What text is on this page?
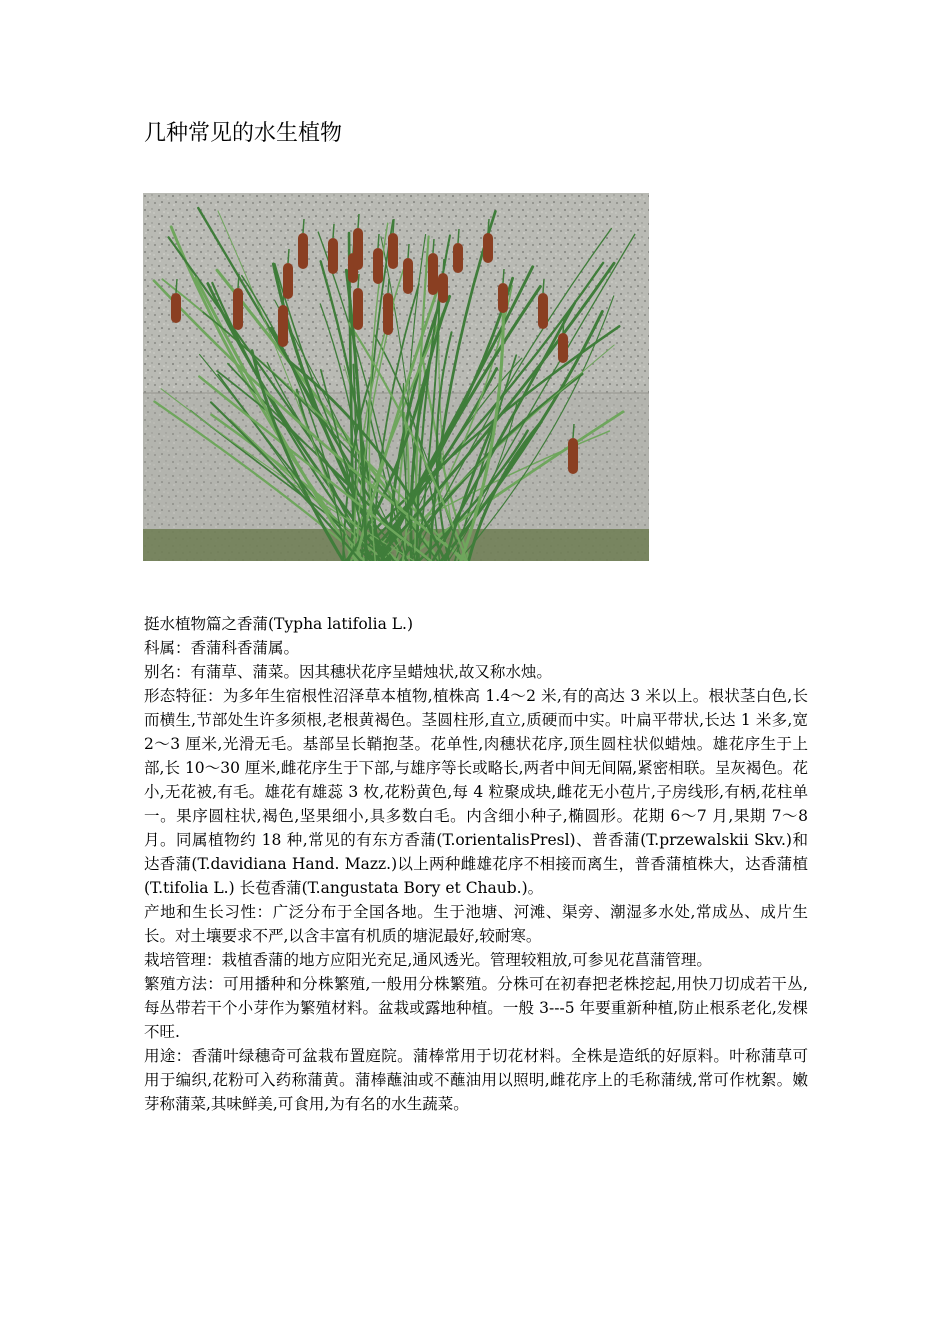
几种常见的水生植物

挺水植物篇之香蒲(Typha latifolia L.)

科属：香蒲科香蒲属。

别名：有蒲草、蒲菜。因其穗状花序呈蜡烛状,故又称水烛。

形态特征：为多年生宿根性沼泽草本植物,植株高 1.4～2 米,有的高达 3 米以上。根状茎白色,长而横生,节部处生许多须根,老根黄褐色。茎圆柱形,直立,质硬而中实。叶扁平带状,长达 1 米多,宽 2～3 厘米,光滑无毛。基部呈长鞘抱茎。花单性,肉穗状花序,顶生圆柱状似蜡烛。雄花序生于上部,长 10～30 厘米,雌花序生于下部,与雄序等长或略长,两者中间无间隔,紧密相联。呈灰褐色。花小,无花被,有毛。雄花有雄蕊 3 枚,花粉黄色,每 4 粒聚成块,雌花无小苞片,子房线形,有柄,花柱单一。果序圆柱状,褐色,坚果细小,具多数白毛。内含细小种子,椭圆形。花期 6～7 月,果期 7～8 月。同属植物约 18 种,常见的有东方香蒲(T.orientalisPresl)、普香蒲(T.przewalskii Skv.)和达香蒲(T.davidiana Hand. Mazz.)以上两种雌雄花序不相接而离生，普香蒲植株大，达香蒲植 (T.tifolia L.) 长苞香蒲(T.angustata Bory et Chaub.)。

产地和生长习性：广泛分布于全国各地。生于池塘、河滩、渠旁、潮湿多水处,常成丛、成片生长。对土壤要求不严,以含丰富有机质的塘泥最好,较耐寒。

栽培管理：栽植香蒲的地方应阳光充足,通风透光。管理较粗放,可参见花菖蒲管理。

繁殖方法：可用播种和分株繁殖,一般用分株繁殖。分株可在初春把老株挖起,用快刀切成若干丛,每丛带若干个小芽作为繁殖材料。盆栽或露地种植。一般 3---5 年要重新种植,防止根系老化,发棵不旺.

用途：香蒲叶绿穗奇可盆栽布置庭院。蒲棒常用于切花材料。全株是造纸的好原料。叶称蒲草可用于编织,花粉可入药称蒲黄。蒲棒蘸油或不蘸油用以照明,雌花序上的毛称蒲绒,常可作枕絮。嫩芽称蒲菜,其味鲜美,可食用,为有名的水生蔬菜。
